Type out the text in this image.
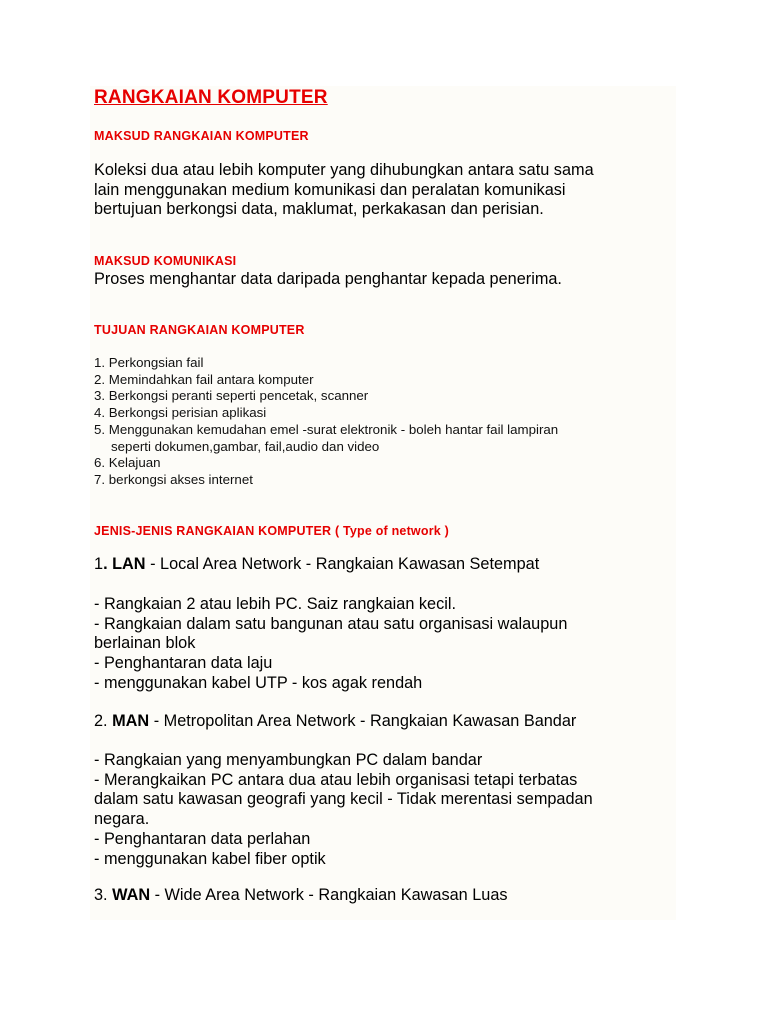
RANGKAIAN KOMPUTER
MAKSUD RANGKAIAN KOMPUTER
Koleksi dua atau lebih komputer yang dihubungkan antara satu sama
lain menggunakan medium komunikasi dan peralatan komunikasi
bertujuan berkongsi data, maklumat, perkakasan dan perisian.
MAKSUD KOMUNIKASI
Proses menghantar data daripada penghantar kepada penerima.
TUJUAN RANGKAIAN KOMPUTER
1. Perkongsian fail
2. Memindahkan fail antara komputer
3. Berkongsi peranti seperti pencetak, scanner
4. Berkongsi perisian aplikasi
5. Menggunakan kemudahan emel -surat elektronik - boleh hantar fail lampiran
seperti dokumen,gambar, fail,audio dan video
6. Kelajuan
7. berkongsi akses internet
JENIS-JENIS RANGKAIAN KOMPUTER ( Type of network )
1. LAN - Local Area Network - Rangkaian Kawasan Setempat
- Rangkaian 2 atau lebih PC. Saiz rangkaian kecil.
- Rangkaian dalam satu bangunan atau satu organisasi walaupun
berlainan blok
- Penghantaran data laju
- menggunakan kabel UTP - kos agak rendah
2. MAN - Metropolitan Area Network - Rangkaian Kawasan Bandar
- Rangkaian yang menyambungkan PC dalam bandar
- Merangkaikan PC antara dua atau lebih organisasi tetapi terbatas
dalam satu kawasan geografi yang kecil - Tidak merentasi sempadan
negara.
- Penghantaran data perlahan
- menggunakan kabel fiber optik
3. WAN - Wide Area Network - Rangkaian Kawasan Luas
